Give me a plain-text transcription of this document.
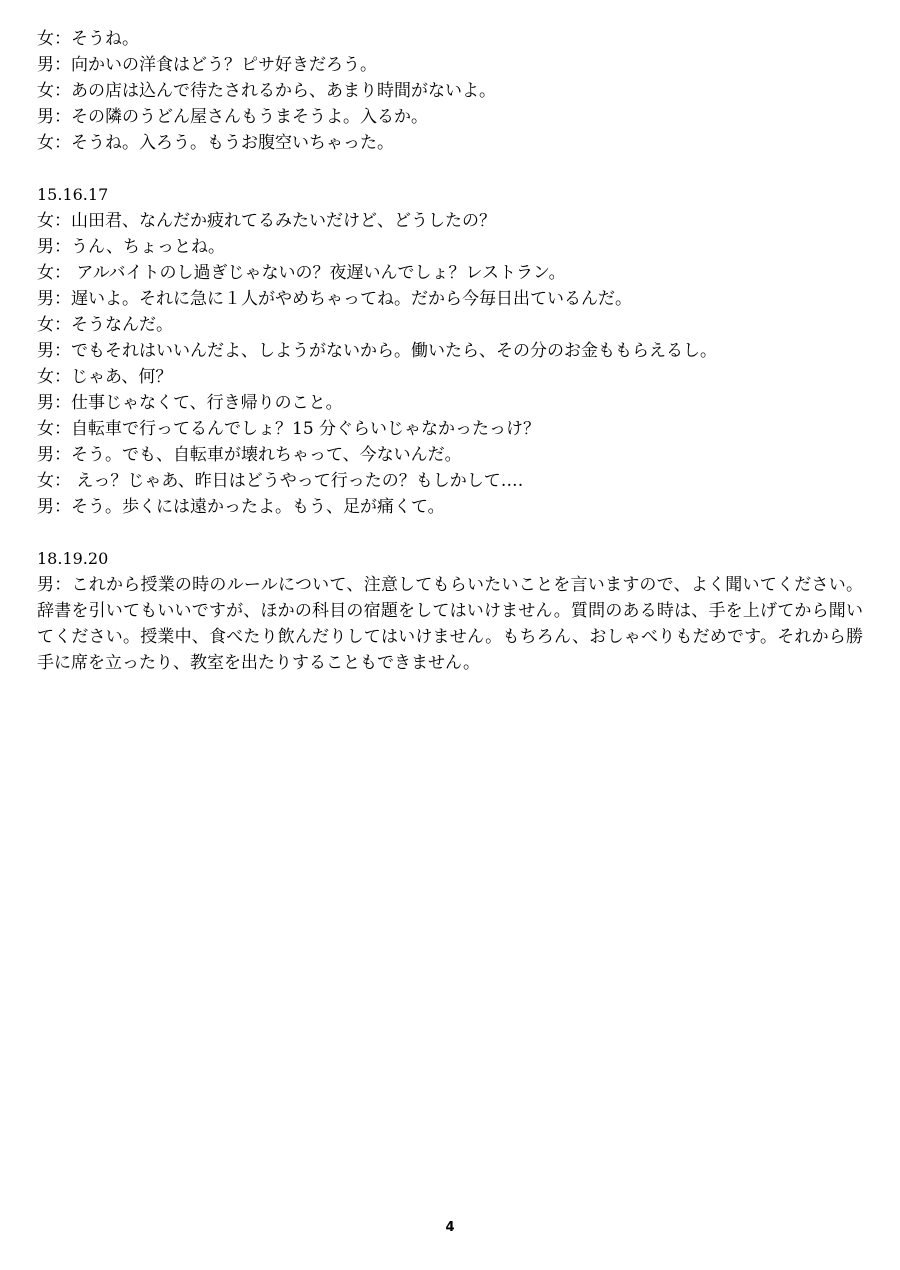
女：そうね。
男：向かいの洋食はどう？ピサ好きだろう。
女：あの店は込んで待たされるから、あまり時間がないよ。
男：その隣のうどん屋さんもうまそうよ。入るか。
女：そうね。入ろう。もうお腹空いちゃった。
15.16.17
女：山田君、なんだか疲れてるみたいだけど、どうしたの？
男：うん、ちょっとね。
女： アルバイトのし過ぎじゃないの？夜遅いんでしょ？レストラン。
男：遅いよ。それに急に１人がやめちゃってね。だから今毎日出ているんだ。
女：そうなんだ。
男：でもそれはいいんだよ、しようがないから。働いたら、その分のお金ももらえるし。
女：じゃあ、何？
男：仕事じゃなくて、行き帰りのこと。
女：自転車で行ってるんでしょ？15 分ぐらいじゃなかったっけ？
男：そう。でも、自転車が壊れちゃって、今ないんだ。
女： えっ？じゃあ、昨日はどうやって行ったの？もしかして‥‥
男：そう。歩くには遠かったよ。もう、足が痛くて。
18.19.20
男：これから授業の時のルールについて、注意してもらいたいことを言いますので、よく聞いてください。辞書を引いてもいいですが、ほかの科目の宿題をしてはいけません。質問のある時は、手を上げてから聞いてください。授業中、食べたり飲んだりしてはいけません。もちろん、おしゃべりもだめです。それから勝手に席を立ったり、教室を出たりすることもできません。
4
